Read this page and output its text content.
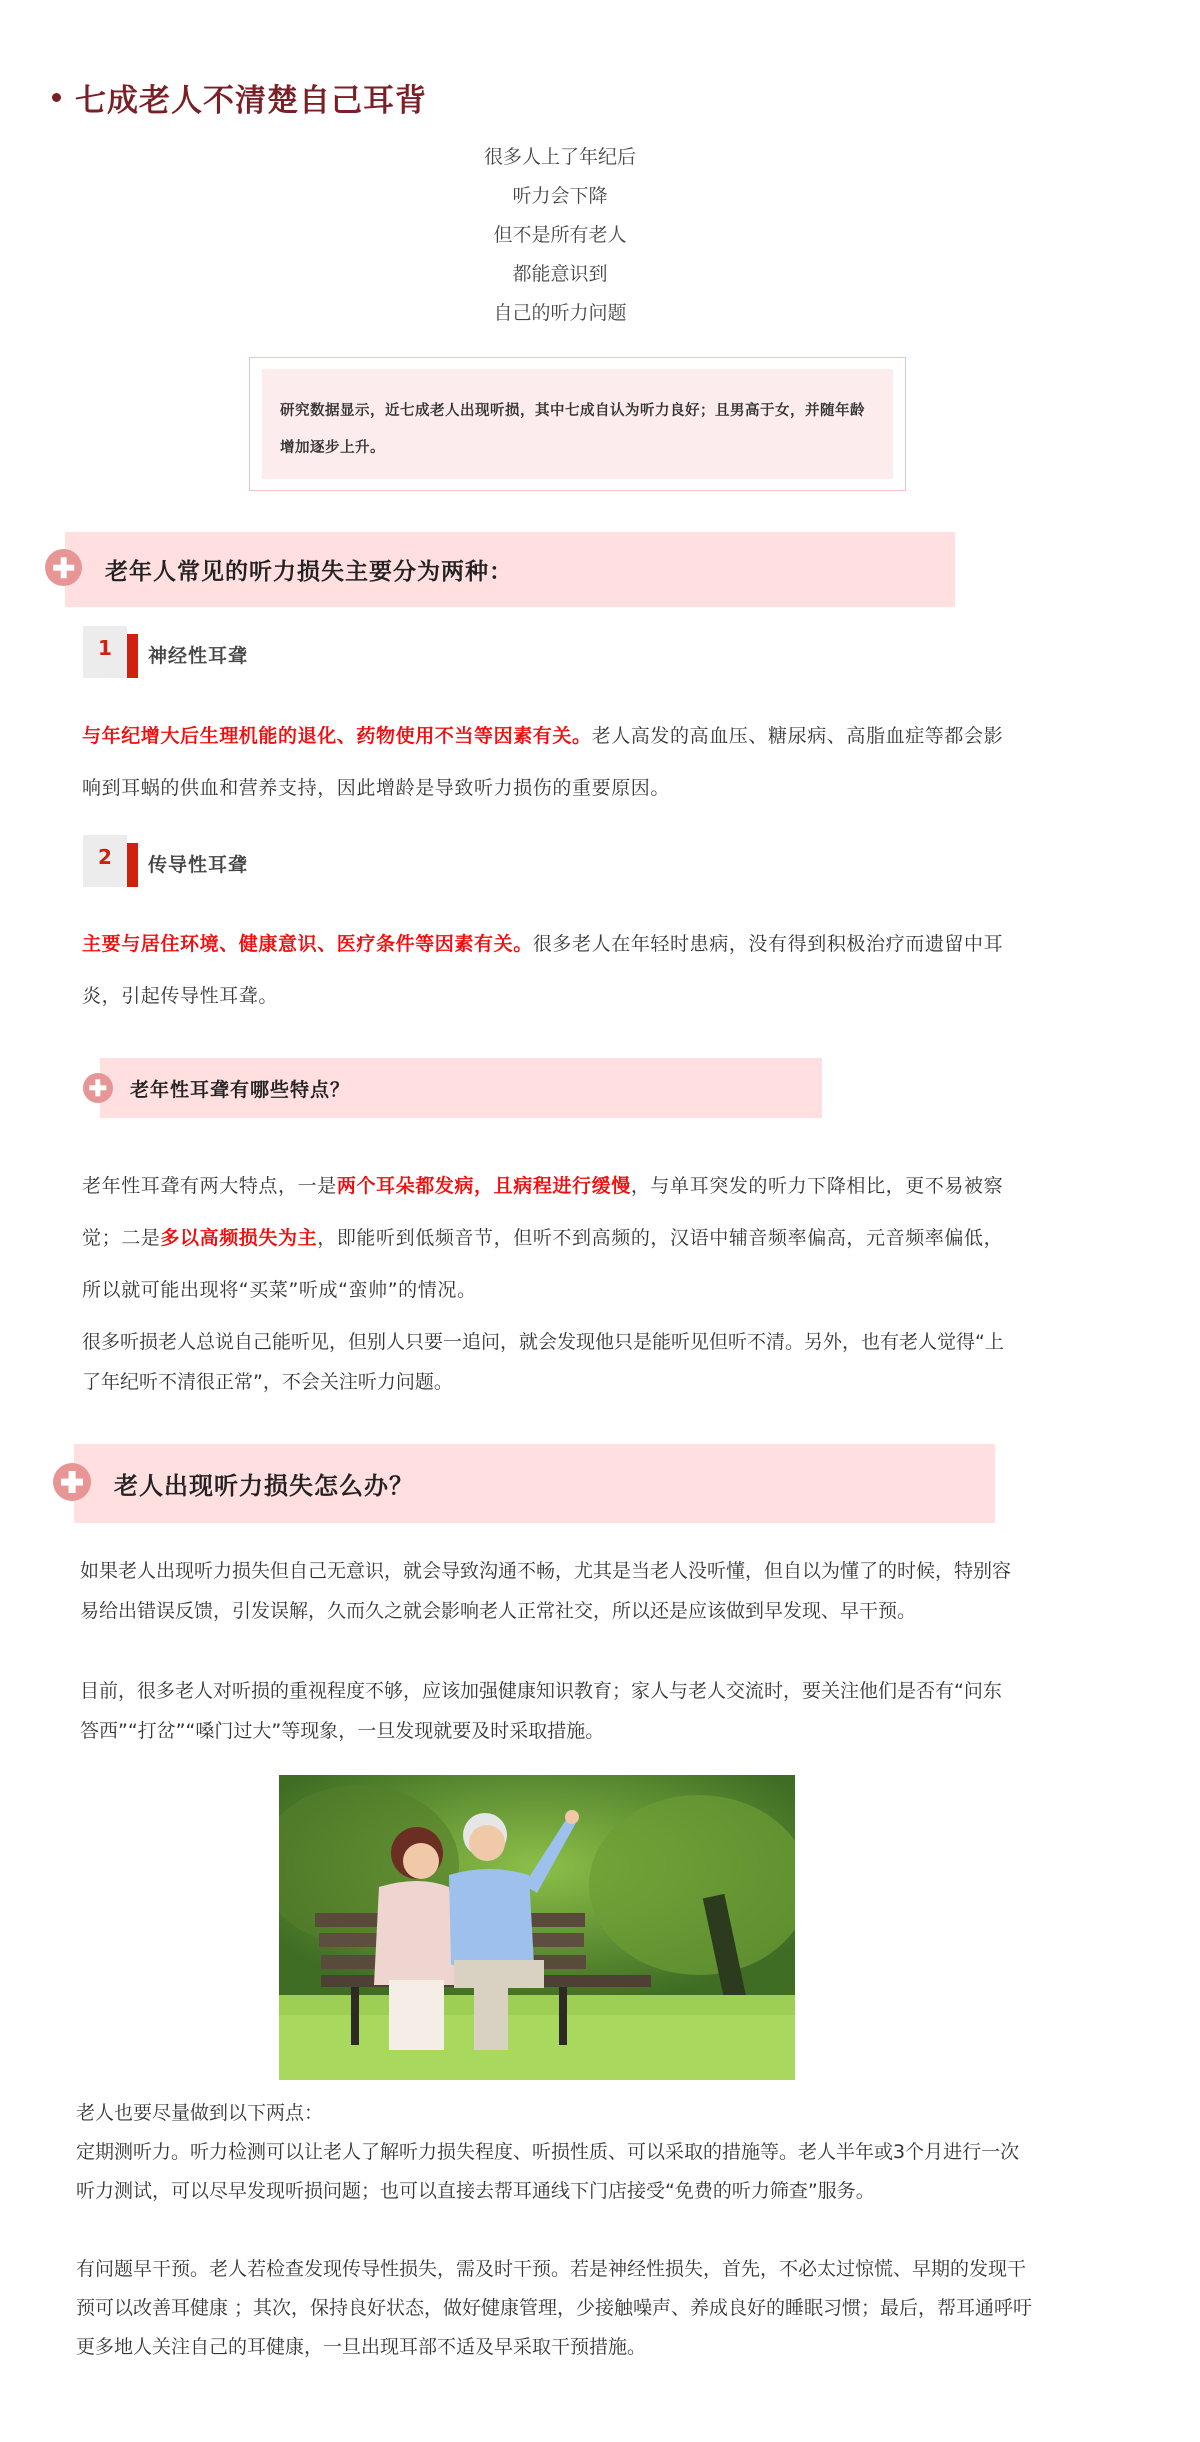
七成老人不清楚自己耳背
很多人上了年纪后
听力会下降
但不是所有老人
都能意识到
自己的听力问题
研究数据显示，近七成老人出现听损，其中七成自认为听力良好；且男高于女，并随年龄增加逐步上升。
老年人常见的听力损失主要分为两种：
1	神经性耳聋
与年纪增大后生理机能的退化、药物使用不当等因素有关。老人高发的高血压、糖尿病、高脂血症等都会影响到耳蜗的供血和营养支持，因此增龄是导致听力损伤的重要原因。
2	传导性耳聋
主要与居住环境、健康意识、医疗条件等因素有关。很多老人在年轻时患病，没有得到积极治疗而遗留中耳炎，引起传导性耳聋。
老年性耳聋有哪些特点？
老年性耳聋有两大特点，一是两个耳朵都发病，且病程进行缓慢，与单耳突发的听力下降相比，更不易被察觉；二是多以高频损失为主，即能听到低频音节，但听不到高频的，汉语中辅音频率偏高，元音频率偏低，所以就可能出现将“买菜”听成“蛮帅”的情况。
很多听损老人总说自己能听见，但别人只要一追问，就会发现他只是能听见但听不清。另外，也有老人觉得“上了年纪听不清很正常”，不会关注听力问题。
老人出现听力损失怎么办？
如果老人出现听力损失但自己无意识，就会导致沟通不畅，尤其是当老人没听懂，但自以为懂了的时候，特别容易给出错误反馈，引发误解，久而久之就会影响老人正常社交，所以还是应该做到早发现、早干预。
目前，很多老人对听损的重视程度不够，应该加强健康知识教育；家人与老人交流时，要关注他们是否有“问东答西”“打岔”“嗓门过大”等现象，一旦发现就要及时采取措施。
老人也要尽量做到以下两点：
定期测听力。听力检测可以让老人了解听力损失程度、听损性质、可以采取的措施等。老人半年或3个月进行一次听力测试，可以尽早发现听损问题；也可以直接去帮耳通线下门店接受“免费的听力筛查”服务。
有问题早干预。老人若检查发现传导性损失，需及时干预。若是神经性损失，首先，不必太过惊慌、早期的发现干预可以改善耳健康 ；其次，保持良好状态，做好健康管理，少接触噪声、养成良好的睡眠习惯；最后，帮耳通呼吁更多地人关注自己的耳健康，一旦出现耳部不适及早采取干预措施。
